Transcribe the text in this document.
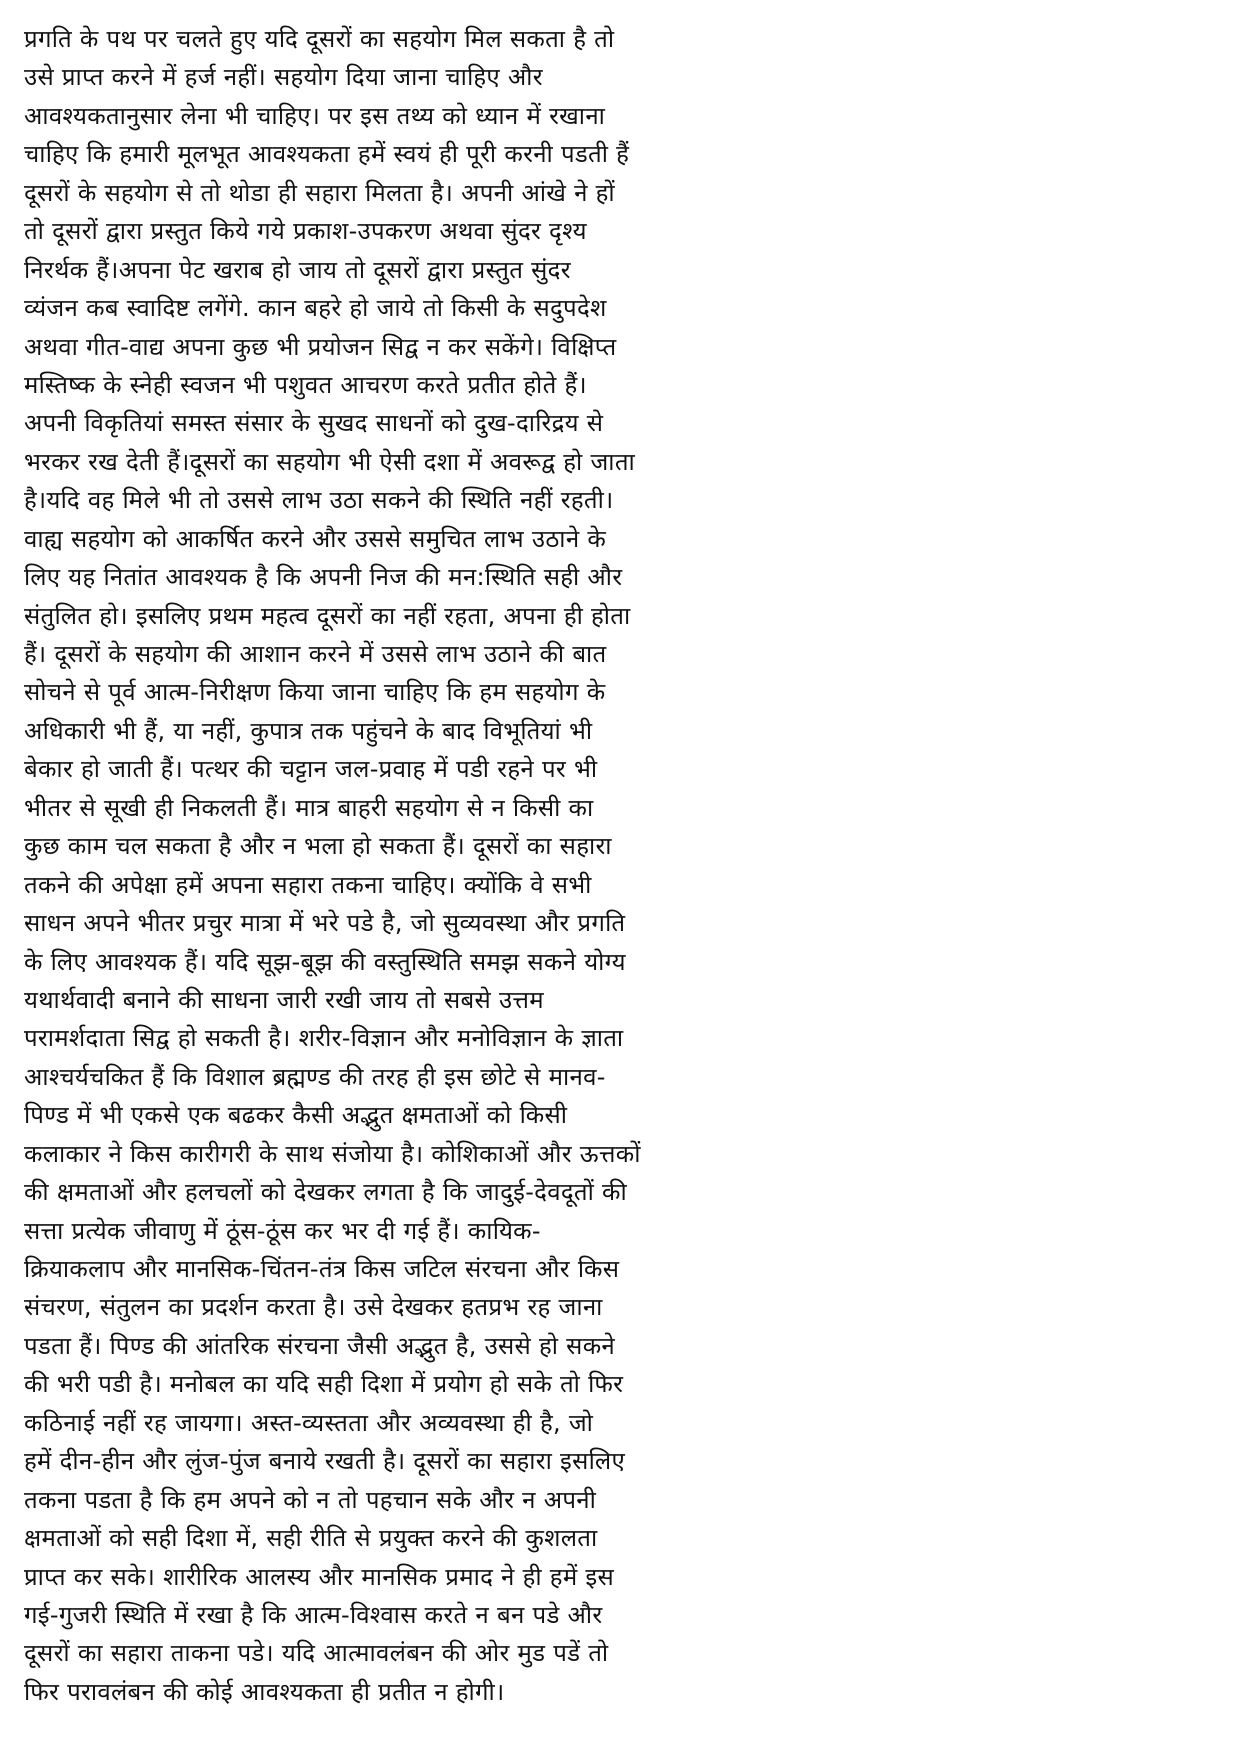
प्रगति के पथ पर चलते हुए यदि दूसरों का सहयोग मिल सकता है तो
उसे प्राप्त करने में हर्ज नहीं। सहयोग दिया जाना चाहिए और
आवश्यकतानुसार लेना भी चाहिए। पर इस तथ्य को ध्यान में रखाना
चाहिए कि हमारी मूलभूत आवश्यकता हमें स्वयं ही पूरी करनी पडती हैं
दूसरों के सहयोग से तो थोडा ही सहारा मिलता है। अपनी आंखे ने हों
तो दूसरों द्वारा प्रस्तुत किये गये प्रकाश-उपकरण अथवा सुंदर दृश्य
निरर्थक हैं।अपना पेट खराब हो जाय तो दूसरों द्वारा प्रस्तुत सुंदर
व्यंजन कब स्वादिष्ट लगेंगे. कान बहरे हो जाये तो किसी के सदुपदेश
अथवा गीत-वाद्य अपना कुछ भी प्रयोजन सिद्व न कर सकेंगे। विक्षिप्त
मस्तिष्क के स्नेही स्वजन भी पशुवत आचरण करते प्रतीत होते हैं।
अपनी विकृतियां समस्त संसार के सुखद साधनों को दुख-दारिद्रय से
भरकर रख देती हैं।दूसरों का सहयोग भी ऐसी दशा में अवरूद्व हो जाता
है।यदि वह मिले भी तो उससे लाभ उठा सकने की स्थिति नहीं रहती।
वाह्य सहयोग को आकर्षित करने और उससे समुचित लाभ उठाने के
लिए यह नितांत आवश्यक है कि अपनी निज की मन:स्थिति सही और
संतुलित हो। इसलिए प्रथम महत्व दूसरों का नहीं रहता, अपना ही होता
हैं। दूसरों के सहयोग की आशान करने में उससे लाभ उठाने की बात
सोचने से पूर्व आत्म-निरीक्षण किया जाना चाहिए कि हम सहयोग के
अधिकारी भी हैं, या नहीं, कुपात्र तक पहुंचने के बाद विभूतियां भी
बेकार हो जाती हैं। पत्थर की चट्टान जल-प्रवाह में पडी रहने पर भी
भीतर से सूखी ही निकलती हैं। मात्र बाहरी सहयोग से न किसी का
कुछ काम चल सकता है और न भला हो सकता हैं। दूसरों का सहारा
तकने की अपेक्षा हमें अपना सहारा तकना चाहिए। क्योंकि वे सभी
साधन अपने भीतर प्रचुर मात्रा में भरे पडे है, जो सुव्यवस्था और प्रगति
के लिए आवश्यक हैं। यदि सूझ-बूझ की वस्तुस्थिति समझ सकने योग्य
यथार्थवादी बनाने की साधना जारी रखी जाय तो सबसे उत्तम
परामर्शदाता सिद्व हो सकती है। शरीर-विज्ञान और मनोविज्ञान के ज्ञाता
आश्चर्यचकित हैं कि विशाल ब्रह्मण्ड की तरह ही इस छोटे से मानव-
पिण्ड में भी एकसे एक बढकर कैसी अद्भुत क्षमताओं को किसी
कलाकार ने किस कारीगरी के साथ संजोया है। कोशिकाओं और ऊत्तकों
की क्षमताओं और हलचलों को देखकर लगता है कि जादुई-देवदूतों की
सत्ता प्रत्येक जीवाणु में ठूंस-ठूंस कर भर दी गई हैं। कायिक-
क्रियाकलाप और मानसिक-चिंतन-तंत्र किस जटिल संरचना और किस
संचरण, संतुलन का प्रदर्शन करता है। उसे देखकर हतप्रभ रह जाना
पडता हैं। पिण्ड की आंतरिक संरचना जैसी अद्भुत है, उससे हो सकने
की भरी पडी है। मनोबल का यदि सही दिशा में प्रयोग हो सके तो फिर
कठिनाई नहीं रह जायगा। अस्त-व्यस्तता और अव्यवस्था ही है, जो
हमें दीन-हीन और लुंज-पुंज बनाये रखती है। दूसरों का सहारा इसलिए
तकना पडता है कि हम अपने को न तो पहचान सके और न अपनी
क्षमताओं को सही दिशा में, सही रीति से प्रयुक्त करने की कुशलता
प्राप्त कर सके। शारीरिक आलस्य और मानसिक प्रमाद ने ही हमें इस
गई-गुजरी स्थिति में रखा है कि आत्म-विश्वास करते न बन पडे और
दूसरों का सहारा ताकना पडे। यदि आत्मावलंबन की ओर मुड पडें तो
फिर परावलंबन की कोई आवश्यकता ही प्रतीत न होगी।
